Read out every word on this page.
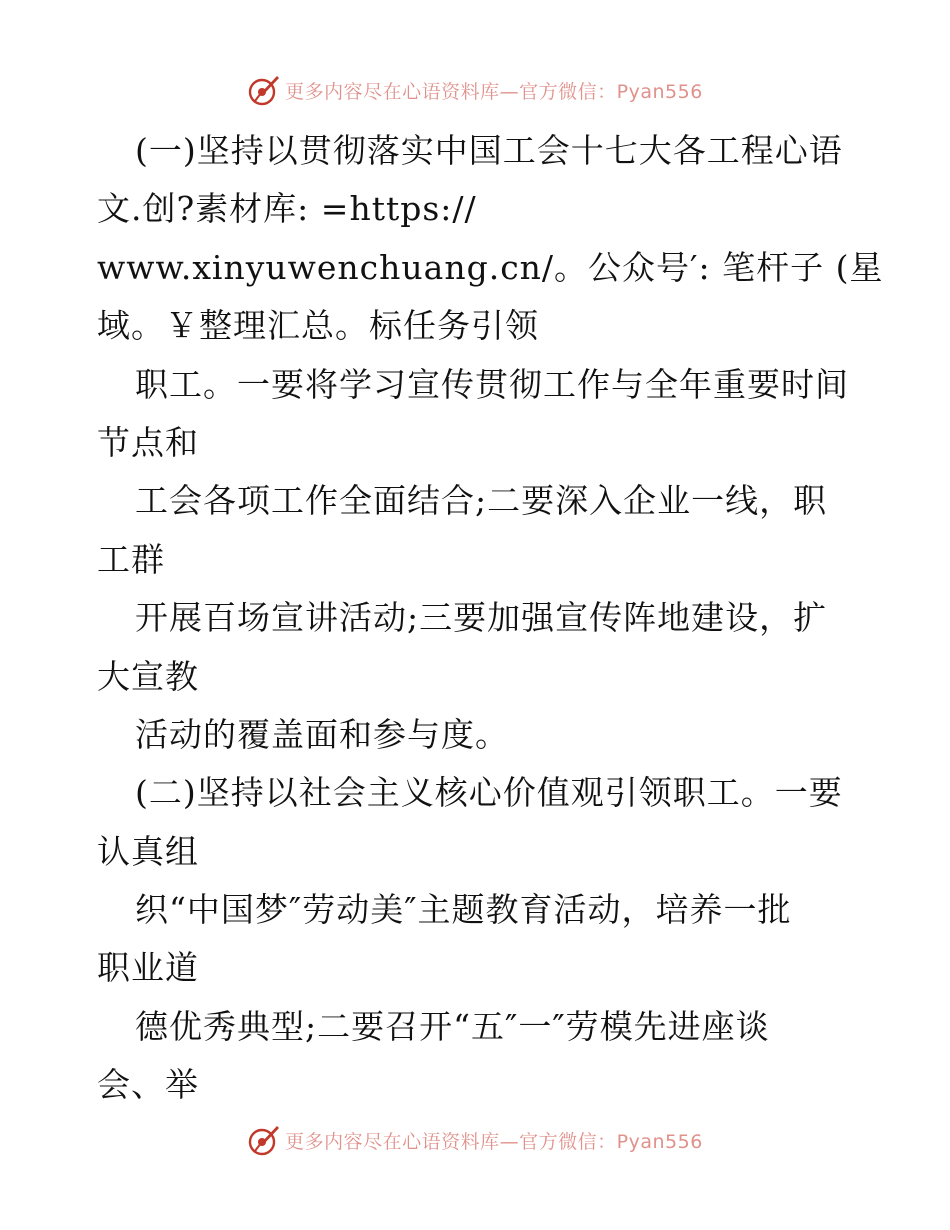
更多内容尽在心语资料库—官方微信：Pyan556
(一)坚持以贯彻落实中国工会十七大各工程心语
文.创?素材库: =https://
www.xinyuwenchuang.cn/。公众号′: 笔杆子 (星
域。￥整理汇总。标任务引领
职工。一要将学习宣传贯彻工作与全年重要时间
节点和
工会各项工作全面结合;二要深入企业一线，职
工群
开展百场宣讲活动;三要加强宣传阵地建设，扩
大宣教
活动的覆盖面和参与度。
(二)坚持以社会主义核心价值观引领职工。一要
认真组
织“中国梦″劳动美″主题教育活动，培养一批
职业道
德优秀典型;二要召开“五″一″劳模先进座谈
会、举
更多内容尽在心语资料库—官方微信：Pyan556
